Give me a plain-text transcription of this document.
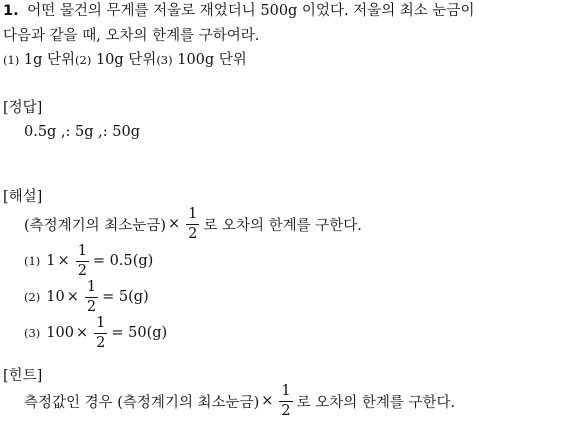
1. 어떤 물건의 무게를 저울로 재었더니 500g 이었다. 저울의 최소 눈금이
다음과 같을 때, 오차의 한계를 구하여라.
(1) 1g 단위(2) 10g 단위(3) 100g 단위
[정답]
0.5g ,: 5g ,: 50g
[해설]
(측정계기의 최소눈금) × $\frac{1}{2}$ 로 오차의 한계를 구한다.
(1) $1 \times \frac{1}{2} = 0.5(g)$
(2) $10 \times \frac{1}{2} = 5(g)$
(3) $100 \times \frac{1}{2} = 50(g)$
[힌트]
측정값인 경우 (측정계기의 최소눈금) × $\frac{1}{2}$ 로 오차의 한계를 구한다.
